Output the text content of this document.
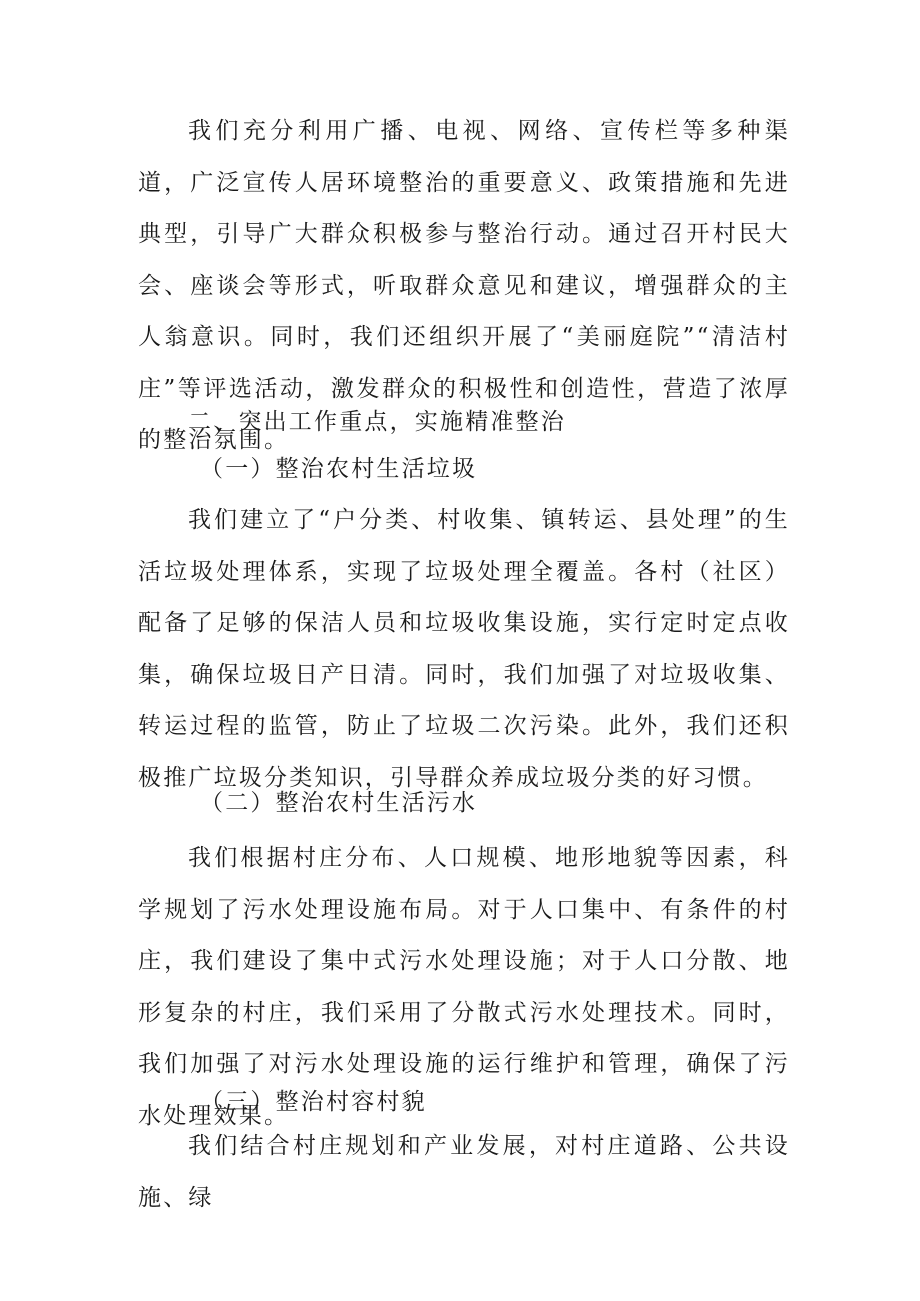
我们充分利用广播、电视、网络、宣传栏等多种渠道，广泛宣传人居环境整治的重要意义、政策措施和先进典型，引导广大群众积极参与整治行动。通过召开村民大会、座谈会等形式，听取群众意见和建议，增强群众的主人翁意识。同时，我们还组织开展了“美丽庭院”“清洁村庄”等评选活动，激发群众的积极性和创造性，营造了浓厚的整治氛围。

二、突出工作重点，实施精准整治
（一）整治农村生活垃圾

我们建立了“户分类、村收集、镇转运、县处理”的生活垃圾处理体系，实现了垃圾处理全覆盖。各村（社区）配备了足够的保洁人员和垃圾收集设施，实行定时定点收集，确保垃圾日产日清。同时，我们加强了对垃圾收集、转运过程的监管，防止了垃圾二次污染。此外，我们还积极推广垃圾分类知识，引导群众养成垃圾分类的好习惯。

（二）整治农村生活污水

我们根据村庄分布、人口规模、地形地貌等因素，科学规划了污水处理设施布局。对于人口集中、有条件的村庄，我们建设了集中式污水处理设施；对于人口分散、地形复杂的村庄，我们采用了分散式污水处理技术。同时，我们加强了对污水处理设施的运行维护和管理，确保了污水处理效果。

（三）整治村容村貌

我们结合村庄规划和产业发展，对村庄道路、公共设施、绿
